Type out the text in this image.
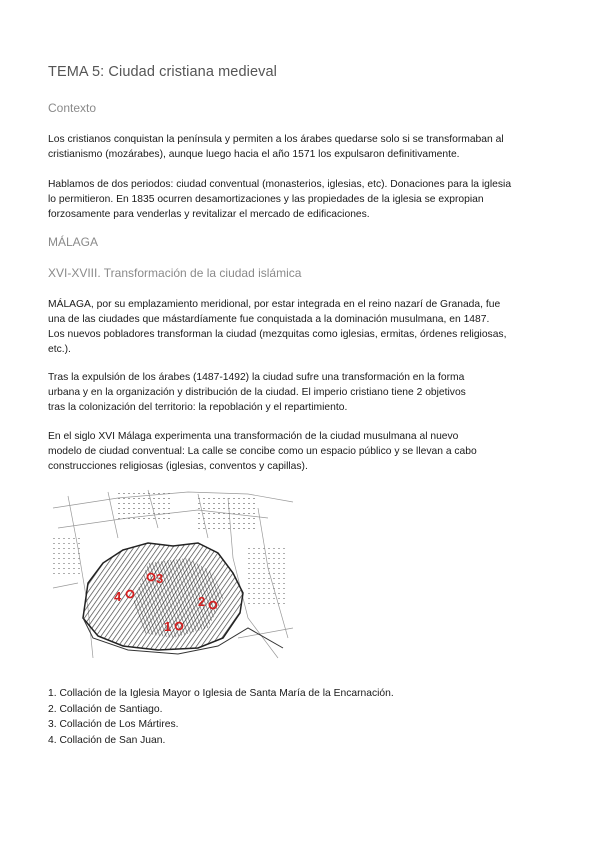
TEMA 5: Ciudad cristiana medieval
Contexto
Los cristianos conquistan la península y permiten a los árabes quedarse solo si se transformaban al
cristianismo (mozárabes), aunque luego hacia el año 1571 los expulsaron definitivamente.
Hablamos de dos periodos: ciudad conventual (monasterios, iglesias, etc). Donaciones para la iglesia
lo permitieron. En 1835 ocurren desamortizaciones y las propiedades de la iglesia se expropian
forzosamente para venderlas y revitalizar el mercado de edificaciones.
MÁLAGA
XVI-XVIII. Transformación de la ciudad islámica
MÁLAGA, por su emplazamiento meridional, por estar integrada en el reino nazarí de Granada, fue
una de las ciudades que mástardíamente fue conquistada a la dominación musulmana, en 1487.
Los nuevos pobladores transforman la ciudad (mezquitas como iglesias, ermitas, órdenes religiosas,
etc.).
Tras la expulsión de los árabes (1487-1492) la ciudad sufre una transformación en la forma
urbana y en la organización y distribución de la ciudad. El imperio cristiano tiene 2 objetivos
tras la colonización del territorio: la repoblación y el repartimiento.
En el siglo XVI Málaga experimenta una transformación de la ciudad musulmana al nuevo
modelo de ciudad conventual: La calle se concibe como un espacio público y se llevan a cabo
construcciones religiosas (iglesias, conventos y capillas).
3
4	2
1
1. Collación de la Iglesia Mayor o Iglesia de Santa María de la Encarnación.
2. Collación de Santiago.
3. Collación de Los Mártires.
4. Collación de San Juan.
